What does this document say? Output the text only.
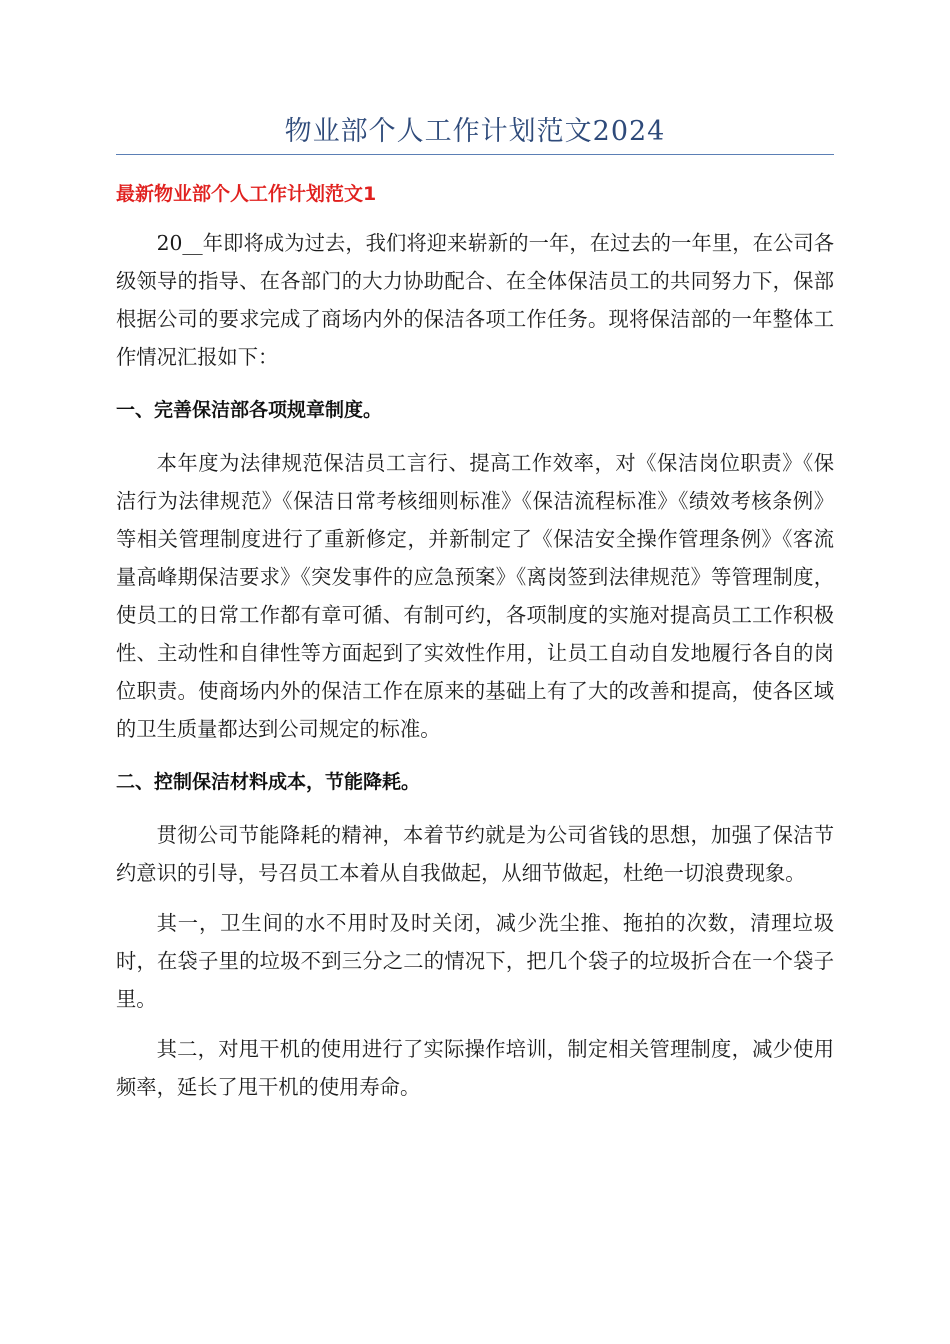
物业部个人工作计划范文2024

最新物业部个人工作计划范文1

20__年即将成为过去，我们将迎来崭新的一年，在过去的一年里，在公司各级领导的指导、在各部门的大力协助配合、在全体保洁员工的共同努力下，保部根据公司的要求完成了商场内外的保洁各项工作任务。现将保洁部的一年整体工作情况汇报如下：

一、完善保洁部各项规章制度。

本年度为法律规范保洁员工言行、提高工作效率，对《保洁岗位职责》《保洁行为法律规范》《保洁日常考核细则标准》《保洁流程标准》《绩效考核条例》等相关管理制度进行了重新修定，并新制定了《保洁安全操作管理条例》《客流量高峰期保洁要求》《突发事件的应急预案》《离岗签到法律规范》等管理制度，使员工的日常工作都有章可循、有制可约，各项制度的实施对提高员工工作积极性、主动性和自律性等方面起到了实效性作用，让员工自动自发地履行各自的岗位职责。使商场内外的保洁工作在原来的基础上有了大的改善和提高，使各区域的卫生质量都达到公司规定的标准。

二、控制保洁材料成本，节能降耗。

贯彻公司节能降耗的精神，本着节约就是为公司省钱的思想，加强了保洁节约意识的引导，号召员工本着从自我做起，从细节做起，杜绝一切浪费现象。

其一，卫生间的水不用时及时关闭，减少洗尘推、拖拍的次数，清理垃圾时，在袋子里的垃圾不到三分之二的情况下，把几个袋子的垃圾折合在一个袋子里。

其二，对甩干机的使用进行了实际操作培训，制定相关管理制度，减少使用频率，延长了甩干机的使用寿命。
